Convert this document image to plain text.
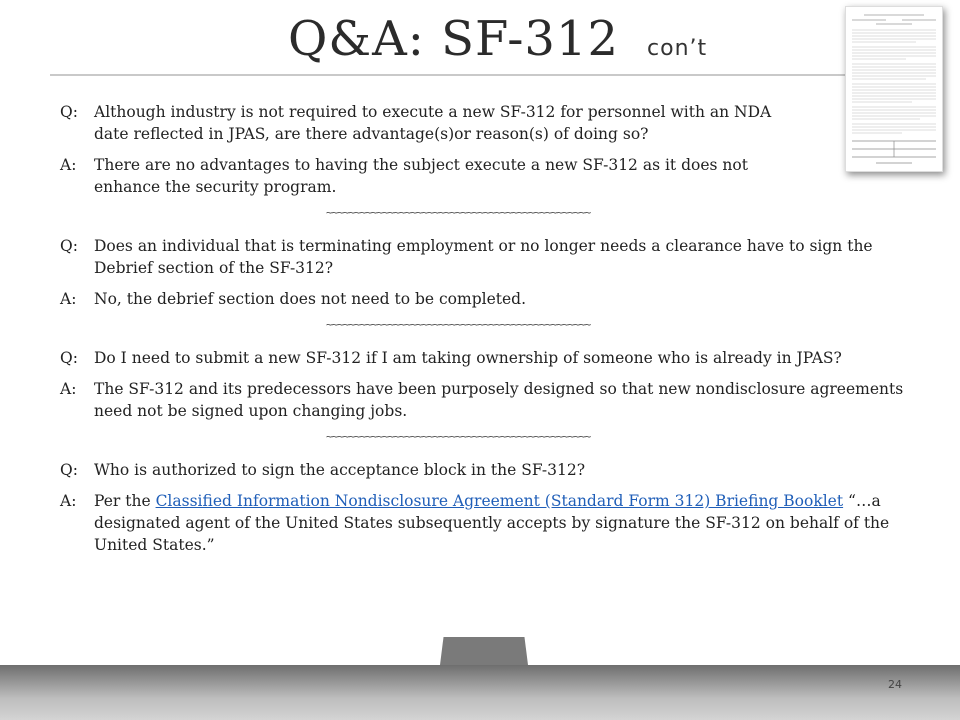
Q&A: SF-312 con’t
Q:	Although industry is not required to execute a new SF-312 for personnel with an NDA date reflected in JPAS, are there advantage(s)or reason(s) of doing so?
A:	There are no advantages to having the subject execute a new SF-312 as it does not enhance the security program.
~~~~~~~~~~~~~~~~~~~~~~~~~~~~~~~~~~~~~~~~~~~~~~~
Q:	Does an individual that is terminating employment or no longer needs a clearance have to sign the Debrief section of the SF-312?
A:	No, the debrief section does not need to be completed.
~~~~~~~~~~~~~~~~~~~~~~~~~~~~~~~~~~~~~~~~~~~~~~~
Q:	Do I need to submit a new SF-312 if I am taking ownership of someone who is already in JPAS?
A:	The SF-312 and its predecessors have been purposely designed so that new nondisclosure agreements need not be signed upon changing jobs.
~~~~~~~~~~~~~~~~~~~~~~~~~~~~~~~~~~~~~~~~~~~~~~~
Q:	Who is authorized to sign the acceptance block in the SF-312?
A:	Per the Classified Information Nondisclosure Agreement (Standard Form 312) Briefing Booklet “…a designated agent of the United States subsequently accepts by signature the SF-312 on behalf of the United States.”
24
